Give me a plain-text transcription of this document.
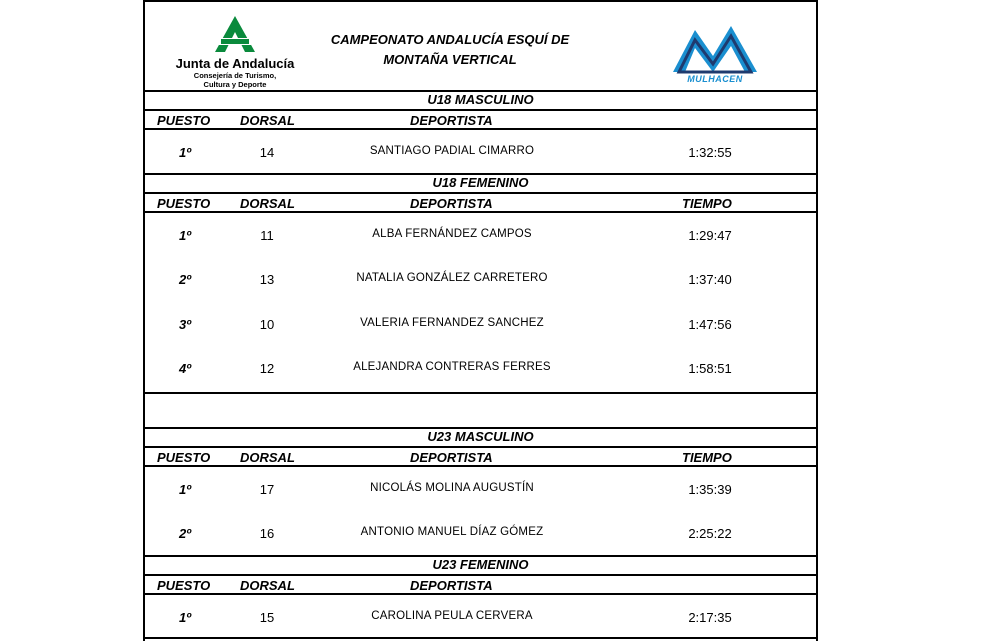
Junta de Andalucía
Consejería de Turismo,
Cultura y Deporte
CAMPEONATO ANDALUCÍA ESQUÍ DE
MONTAÑA VERTICAL
MULHACEN
U18 MASCULINO
PUESTO DORSAL	DEPORTISTA
1º	14	SANTIAGO PADIAL CIMARRO	1:32:55
U18 FEMENINO
PUESTO DORSAL	DEPORTISTA	TIEMPO
1º	11	ALBA FERNÁNDEZ CAMPOS	1:29:47
2º	13	NATALIA GONZÁLEZ CARRETERO	1:37:40
3º	10	VALERIA FERNANDEZ SANCHEZ	1:47:56
4º	12	ALEJANDRA CONTRERAS FERRES	1:58:51
U23 MASCULINO
PUESTO DORSAL	DEPORTISTA	TIEMPO
1º	17	NICOLÁS MOLINA AUGUSTÍN	1:35:39
2º	16	ANTONIO MANUEL DÍAZ GÓMEZ	2:25:22
U23 FEMENINO
PUESTO DORSAL	DEPORTISTA
1º	15	CAROLINA PEULA CERVERA	2:17:35
